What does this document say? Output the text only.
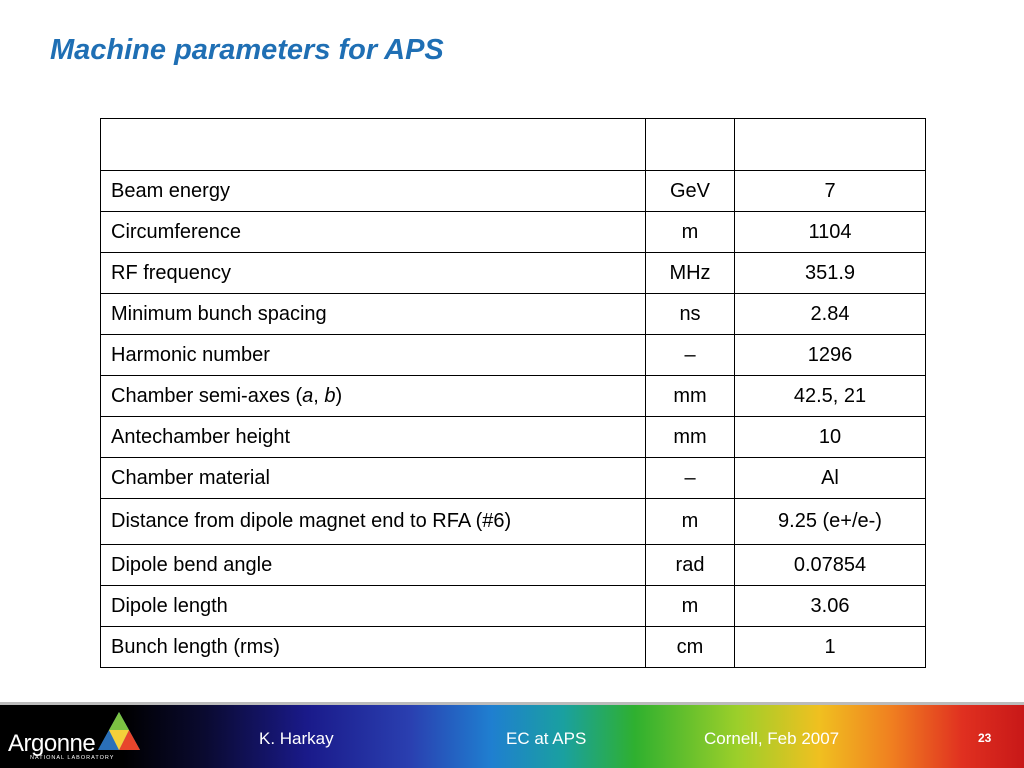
Machine parameters for APS

Beam energy	GeV	7
Circumference	m	1104
RF frequency	MHz	351.9
Minimum bunch spacing	ns	2.84
Harmonic number	–	1296
Chamber semi-axes (a, b)	mm	42.5, 21
Antechamber height	mm	10
Chamber material	–	Al
Distance from dipole magnet end to RFA (#6)	m	9.25 (e+/e-)
Dipole bend angle	rad	0.07854
Dipole length	m	3.06
Bunch length (rms)	cm	1
Argonne
NATIONAL LABORATORY
K. Harkay	EC at APS	Cornell, Feb 2007	23
